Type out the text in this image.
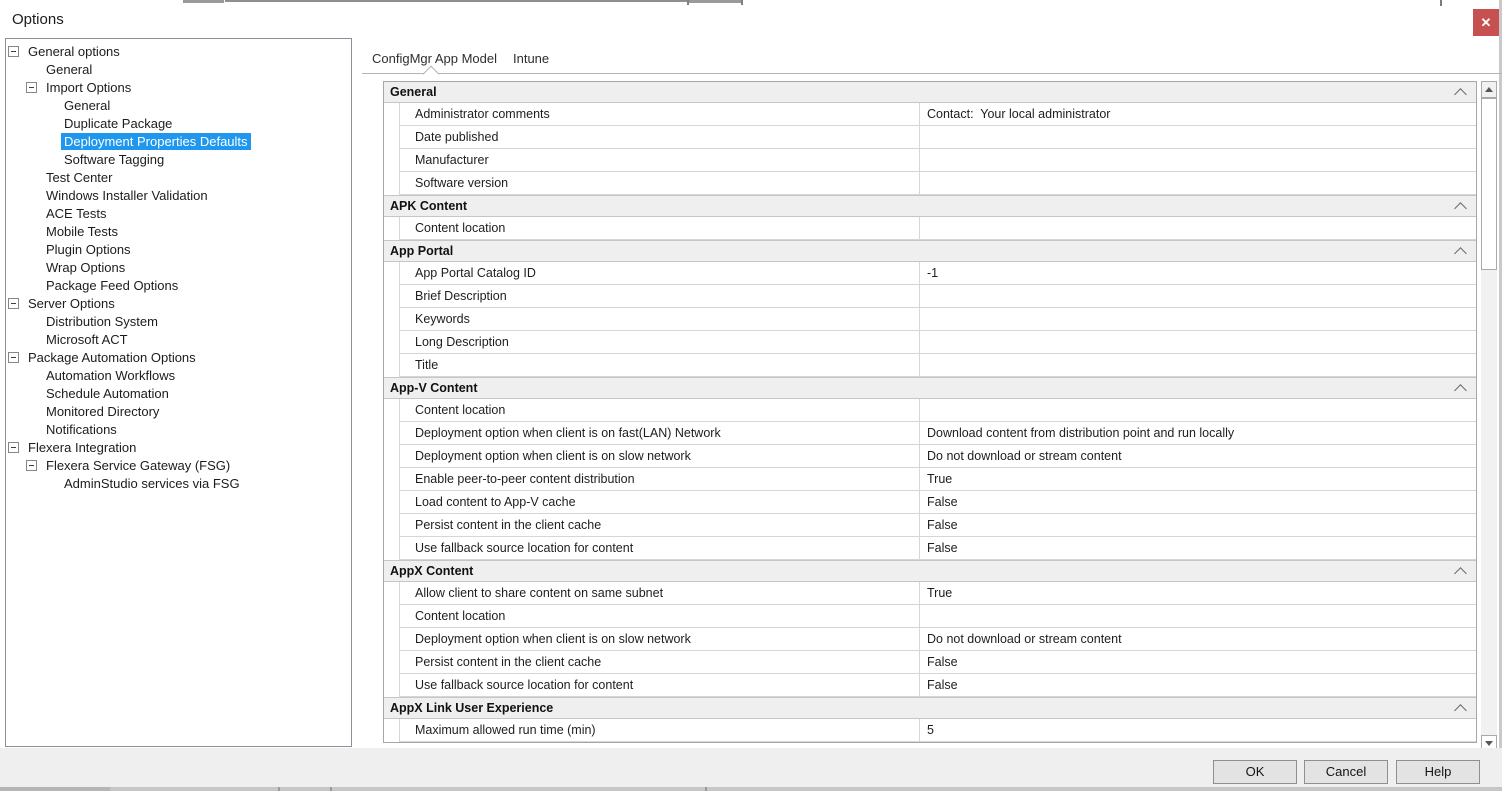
Options	✕
General options
General
Import Options
General
Duplicate Package
Deployment Properties Defaults
Software Tagging
Test Center
Windows Installer Validation
ACE Tests
Mobile Tests
Plugin Options
Wrap Options
Package Feed Options
Server Options
Distribution System
Microsoft ACT
Package Automation Options
Automation Workflows
Schedule Automation
Monitored Directory
Notifications
Flexera Integration
Flexera Service Gateway (FSG)
AdminStudio services via FSG
ConfigMgr App Model Intune
General
Administrator comments	Contact:  Your local administrator
Date published
Manufacturer
Software version
APK Content
Content location
App Portal
App Portal Catalog ID	-1
Brief Description
Keywords
Long Description
Title
App-V Content
Content location
Deployment option when client is on fast(LAN) Network	Download content from distribution point and run locally
Deployment option when client is on slow network	Do not download or stream content
Enable peer-to-peer content distribution	True
Load content to App-V cache	False
Persist content in the client cache	False
Use fallback source location for content	False
AppX Content
Allow client to share content on same subnet	True
Content location
Deployment option when client is on slow network	Do not download or stream content
Persist content in the client cache	False
Use fallback source location for content	False
AppX Link User Experience
Maximum allowed run time (min)	5
OK	Cancel	Help
